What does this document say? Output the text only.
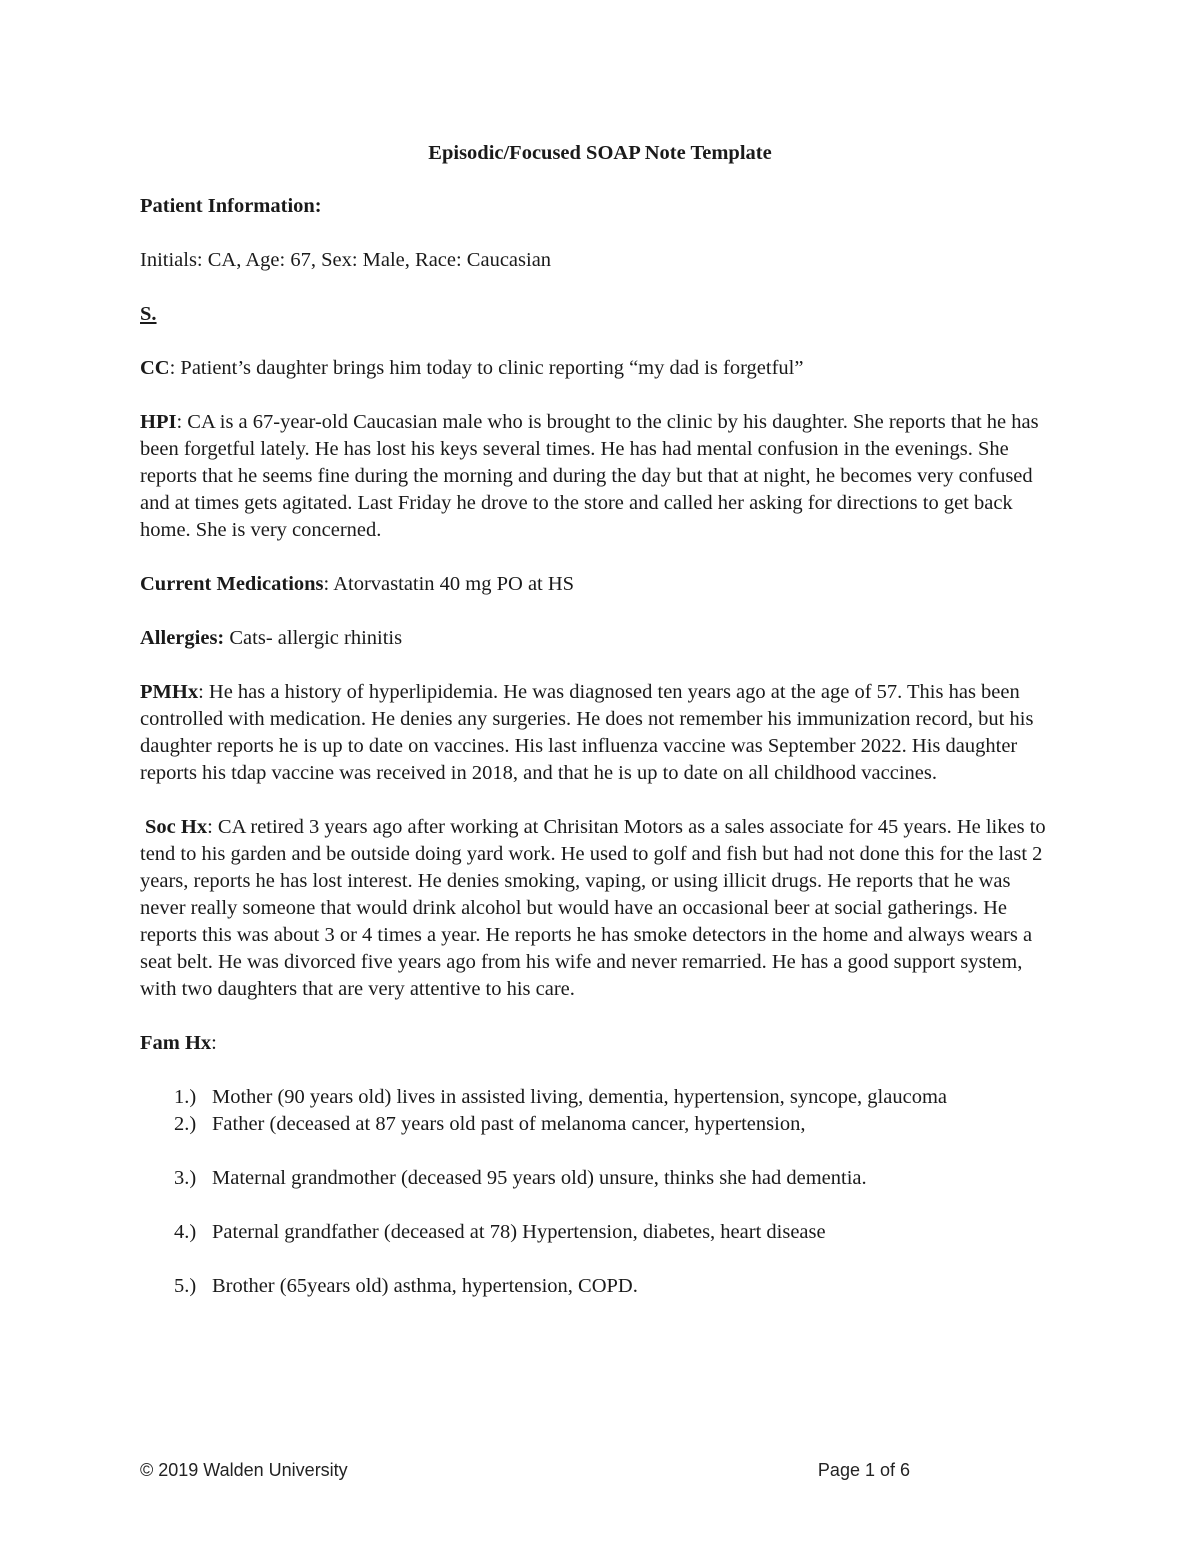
Episodic/Focused SOAP Note Template

Patient Information:

Initials: CA, Age: 67, Sex: Male, Race: Caucasian

S.

CC: Patient’s daughter brings him today to clinic reporting “my dad is forgetful”

HPI: CA is a 67-year-old Caucasian male who is brought to the clinic by his daughter. She reports that he has been forgetful lately. He has lost his keys several times. He has had mental confusion in the evenings. She reports that he seems fine during the morning and during the day but that at night, he becomes very confused and at times gets agitated. Last Friday he drove to the store and called her asking for directions to get back home. She is very concerned.

Current Medications: Atorvastatin 40 mg PO at HS

Allergies: Cats- allergic rhinitis

PMHx: He has a history of hyperlipidemia. He was diagnosed ten years ago at the age of 57. This has been controlled with medication. He denies any surgeries. He does not remember his immunization record, but his daughter reports he is up to date on vaccines. His last influenza vaccine was September 2022. His daughter reports his tdap vaccine was received in 2018, and that he is up to date on all childhood vaccines.

Soc Hx: CA retired 3 years ago after working at Chrisitan Motors as a sales associate for 45 years. He likes to tend to his garden and be outside doing yard work. He used to golf and fish but had not done this for the last 2 years, reports he has lost interest. He denies smoking, vaping, or using illicit drugs. He reports that he was never really someone that would drink alcohol but would have an occasional beer at social gatherings. He reports this was about 3 or 4 times a year. He reports he has smoke detectors in the home and always wears a seat belt. He was divorced five years ago from his wife and never remarried. He has a good support system, with two daughters that are very attentive to his care.

Fam Hx:

1.) Mother (90 years old) lives in assisted living, dementia, hypertension, syncope, glaucoma
2.) Father (deceased at 87 years old past of melanoma cancer, hypertension,
3.) Maternal grandmother (deceased 95 years old) unsure, thinks she had dementia.
4.) Paternal grandfather (deceased at 78) Hypertension, diabetes, heart disease
5.) Brother (65years old) asthma, hypertension, COPD.
© 2019 Walden University	Page 1 of 6
